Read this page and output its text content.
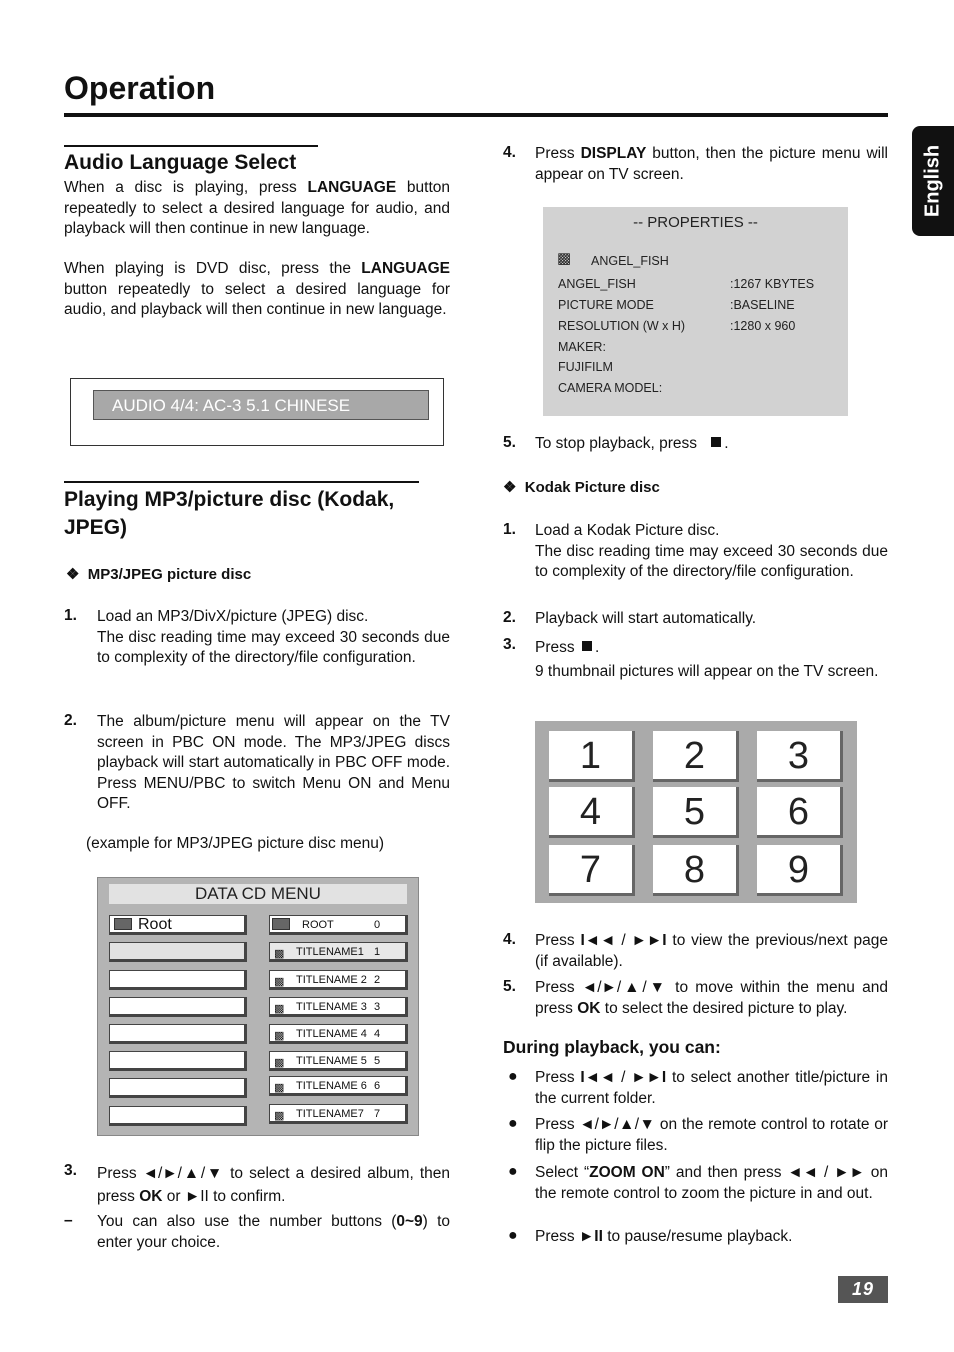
Operation
English
Audio Language Select
When a disc is playing, press LANGUAGE button repeatedly to select a desired language for audio, and playback will then continue in new language.
When playing is DVD disc, press the LANGUAGE button repeatedly to select a desired language for audio, and playback will then continue in new language.
AUDIO 4/4: AC-3 5.1 CHINESE
Playing MP3/picture disc (Kodak,
JPEG)
❖  MP3/JPEG picture disc
1. Load an MP3/DivX/picture (JPEG) disc.
The disc reading time may exceed 30 seconds due to complexity of the directory/file configuration.
2. The album/picture menu will appear on the TV screen in PBC ON mode. The MP3/JPEG discs playback will start automatically in PBC OFF mode. Press MENU/PBC to switch Menu ON and Menu OFF.
(example for MP3/JPEG picture disc menu)
DATA CD MENU
Root	ROOT	0
▩	TITLENAME1 1
▩	TITLENAME 2 2
▩	TITLENAME 3 3
▩	TITLENAME 4 4
▩	TITLENAME 5 5
▩	TITLENAME 6 6
▩	TITLENAME7 7
3. Press ◄/►/▲/▼ to select a desired album, then press OK or ►II to confirm.
– You can also use the number buttons (0~9) to enter your choice.
4. Press DISPLAY button, then the picture menu will appear on TV screen.
-- PROPERTIES --
▩ ANGEL_FISH
ANGEL_FISH	:1267 KBYTES
PICTURE MODE	:BASELINE
RESOLUTION (W x H)	:1280 x 960
MAKER:
FUJIFILM
CAMERA MODEL:
5. To stop playback, press .
❖  Kodak Picture disc
1. Load a Kodak Picture disc.
The disc reading time may exceed 30 seconds due to complexity of the directory/file configuration.
2. Playback will start automatically.
3. Press .
9 thumbnail pictures will appear on the TV screen.
1	2	3
4	5	6
7	8	9
4. Press I◄◄ / ►►I to view the previous/next page (if available).
5. Press ◄/►/▲/▼ to move within the menu and press OK to select the desired picture to play.
During playback, you can:
● Press I◄◄ / ►►I to select another title/picture in the current folder.
● Press ◄/►/▲/▼ on the remote control to rotate or flip the picture files.
● Select “ZOOM ON” and then press ◄◄ / ►► on the remote control to zoom the picture in and out.
● Press ►II to pause/resume playback.
19
